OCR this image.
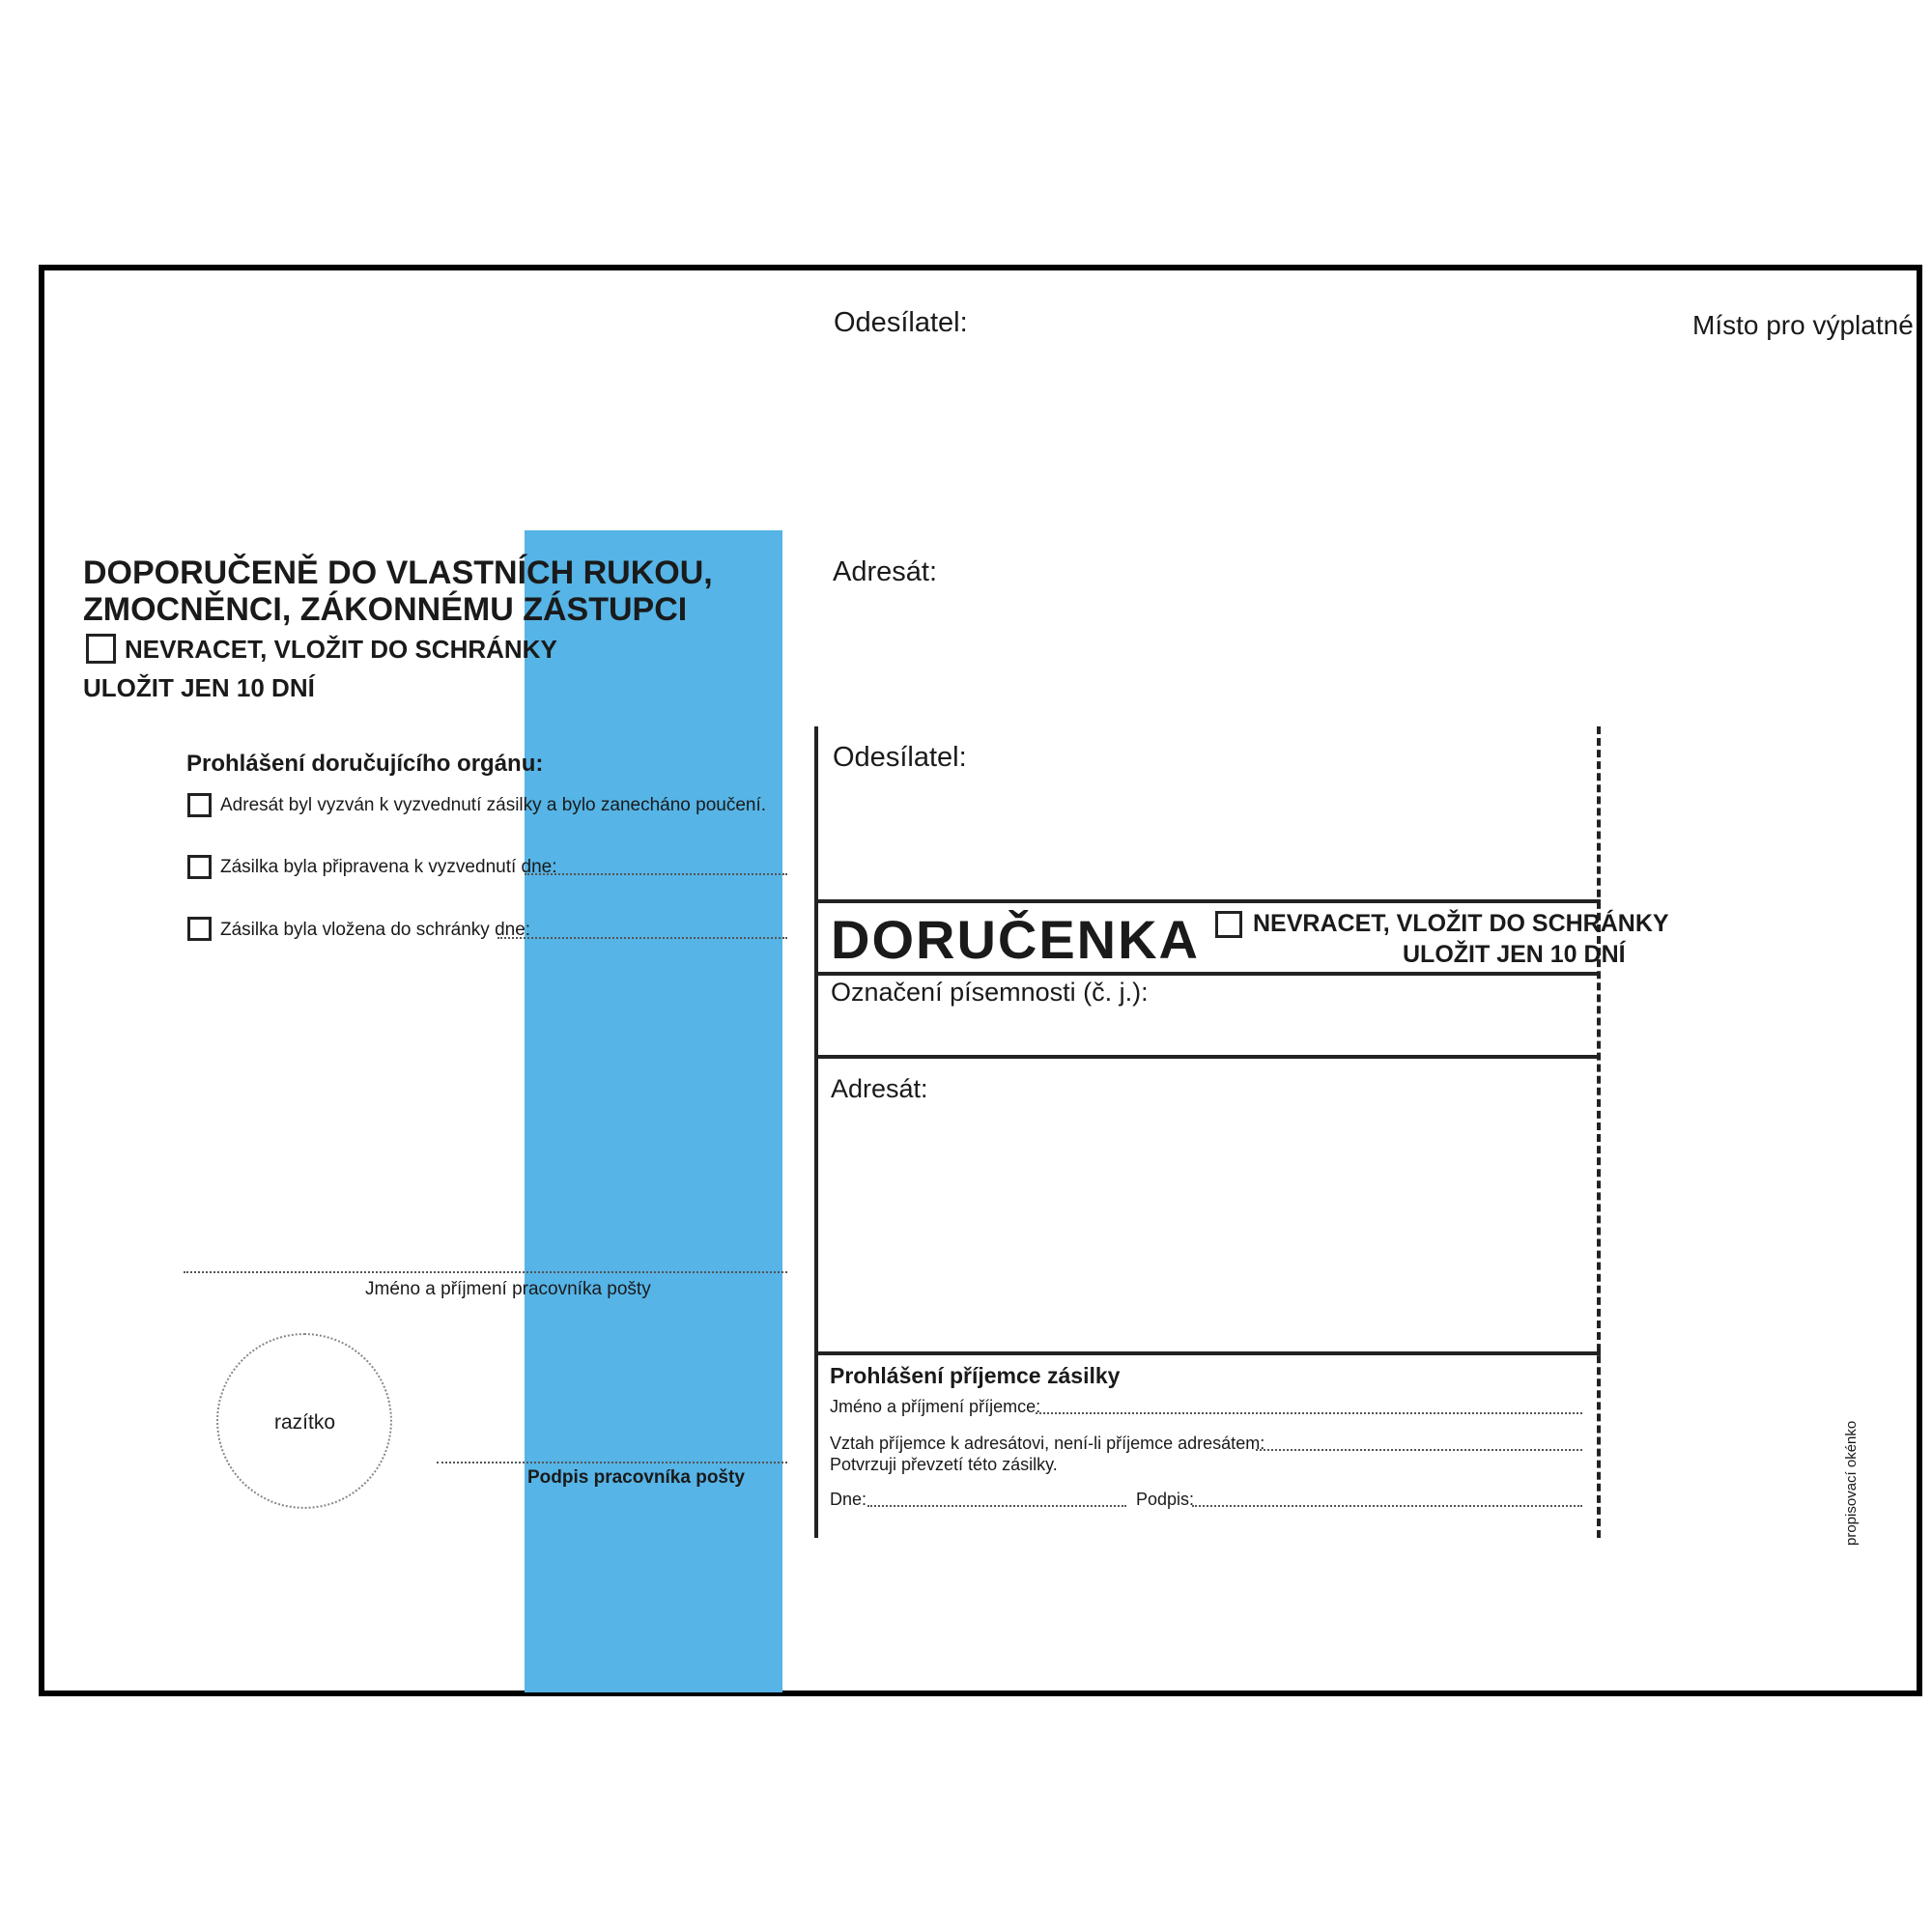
Odesílatel:	Místo pro výplatné
Adresát:
DOPORUČENĚ DO VLASTNÍCH RUKOU,
ZMOCNĚNCI, ZÁKONNÉMU ZÁSTUPCI
NEVRACET, VLOŽIT DO SCHRÁNKY
ULOŽIT JEN 10 DNÍ
Prohlášení doručujícího orgánu:
Adresát byl vyzván k vyzvednutí zásilky a bylo zanecháno poučení.
Zásilka byla připravena k vyzvednutí dne:
Zásilka byla vložena do schránky dne:
Jméno a příjmení pracovníka pošty
razítko
Podpis pracovníka pošty
Odesílatel:
DORUČENKA NEVRACET, VLOŽIT DO SCHRÁNKY
ULOŽIT JEN 10 DNÍ
Označení písemnosti (č. j.):
Adresát:
Prohlášení příjemce zásilky
Jméno a příjmení příjemce:
Vztah příjemce k adresátovi, není-li příjemce adresátem:
Potvrzuji převzetí této zásilky.
Dne:	Podpis:	propisovací okénko
